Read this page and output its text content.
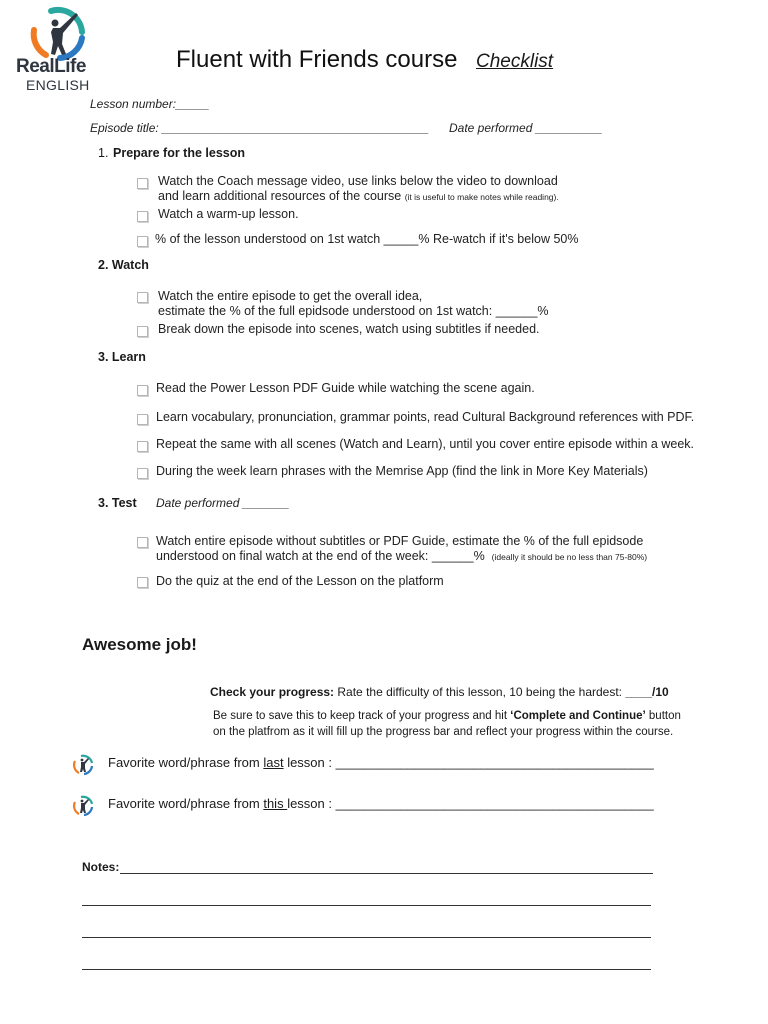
RealLife
ENGLISH
Fluent with Friends course Checklist
Lesson number:_____
Episode title: ________________________________________ Date performed __________
1. Prepare for the lesson
Watch the Coach message video, use links below the video to download
and learn additional resources of the course (it is useful to make notes while reading).
Watch a warm-up lesson.
% of the lesson understood on 1st watch _____% Re-watch if it's below 50%
2. Watch
Watch the entire episode to get the overall idea,
estimate the % of the full epidsode understood on 1st watch: ______%
Break down the episode into scenes, watch using subtitles if needed.
3. Learn
Read the Power Lesson PDF Guide while watching the scene again.
Learn vocabulary, pronunciation, grammar points, read Cultural Background references with PDF.
Repeat the same with all scenes (Watch and Learn), until you cover entire episode within a week.
During the week learn phrases with the Memrise App (find the link in More Key Materials)
3. Test Date performed _______
Watch entire episode without subtitles or PDF Guide, estimate the % of the full epidsode
understood on final watch at the end of the week: ______% (ideally it should be no less than 75-80%)
Do the quiz at the end of the Lesson on the platform
Awesome job!
Check your progress: Rate the difficulty of this lesson, 10 being the hardest: ____/10
Be sure to save this to keep track of your progress and hit ‘Complete and Continue’ button
on the platfrom as it will fill up the progress bar and reflect your progress within the course.
Favorite word/phrase from last lesson : ____________________________________________
Favorite word/phrase from this lesson : ____________________________________________
Notes:
